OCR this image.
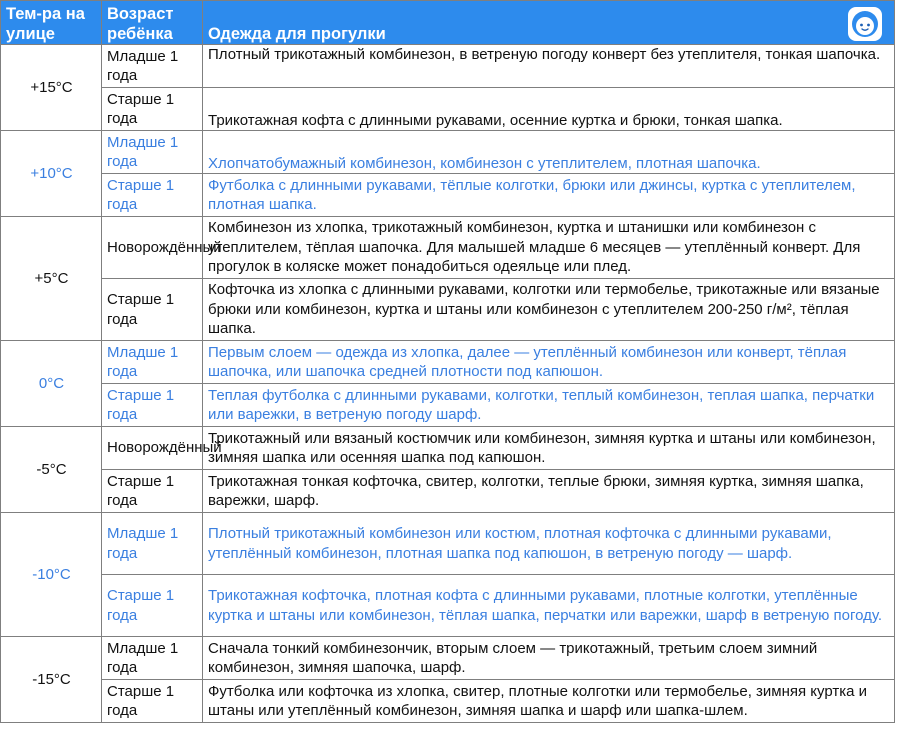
Тем-ра на улице	Возраст ребёнка	Одежда для прогулки

+15°C	Младше 1 года	Плотный трикотажный комбинезон, в ветреную погоду конверт без утеплителя, тонкая шапочка.
	Старше 1 года	Трикотажная кофта с длинными рукавами, осенние куртка и брюки, тонкая шапка.
+10°C	Младше 1 года	Хлопчатобумажный комбинезон, комбинезон с утеплителем, плотная шапочка.
	Старше 1 года	Футболка с длинными рукавами, тёплые колготки, брюки или джинсы, куртка с утеплителем, плотная шапка.
+5°C	Новорождённый	Комбинезон из хлопка, трикотажный комбинезон, куртка и штанишки или комбинезон с утеплителем, тёплая шапочка. Для малышей младше 6 месяцев — утеплённый конверт. Для прогулок в коляске может понадобиться одеяльце или плед.
	Старше 1 года	Кофточка из хлопка с длинными рукавами, колготки или термобелье, трикотажные или вязаные брюки или комбинезон, куртка и штаны или комбинезон с утеплителем 200-250 г/м², тёплая шапка.
0°C	Младше 1 года	Первым слоем — одежда из хлопка, далее — утеплённый комбинезон или конверт, тёплая шапочка, или шапочка средней плотности под капюшон.
	Старше 1 года	Теплая футболка с длинными рукавами, колготки, теплый комбинезон, теплая шапка, перчатки или варежки, в ветреную погоду шарф.
-5°C	Новорождённый	Трикотажный или вязаный костюмчик или комбинезон, зимняя куртка и штаны или комбинезон, зимняя шапка или осенняя шапка под капюшон.
	Старше 1 года	Трикотажная тонкая кофточка, свитер, колготки, теплые брюки, зимняя куртка, зимняя шапка, варежки, шарф.
-10°C	Младше 1 года	Плотный трикотажный комбинезон или костюм, плотная кофточка с длинными рукавами, утеплённый комбинезон, плотная шапка под капюшон, в ветреную погоду — шарф.
	Старше 1 года	Трикотажная кофточка, плотная кофта с длинными рукавами, плотные колготки, утеплённые куртка и штаны или комбинезон, тёплая шапка, перчатки или варежки, шарф в ветреную погоду.
-15°C	Младше 1 года	Сначала тонкий комбинезончик, вторым слоем — трикотажный, третьим слоем зимний комбинезон, зимняя шапочка, шарф.
	Старше 1 года	Футболка или кофточка из хлопка, свитер, плотные колготки или термобелье, зимняя куртка и штаны или утеплённый комбинезон, зимняя шапка и шарф или шапка-шлем.
